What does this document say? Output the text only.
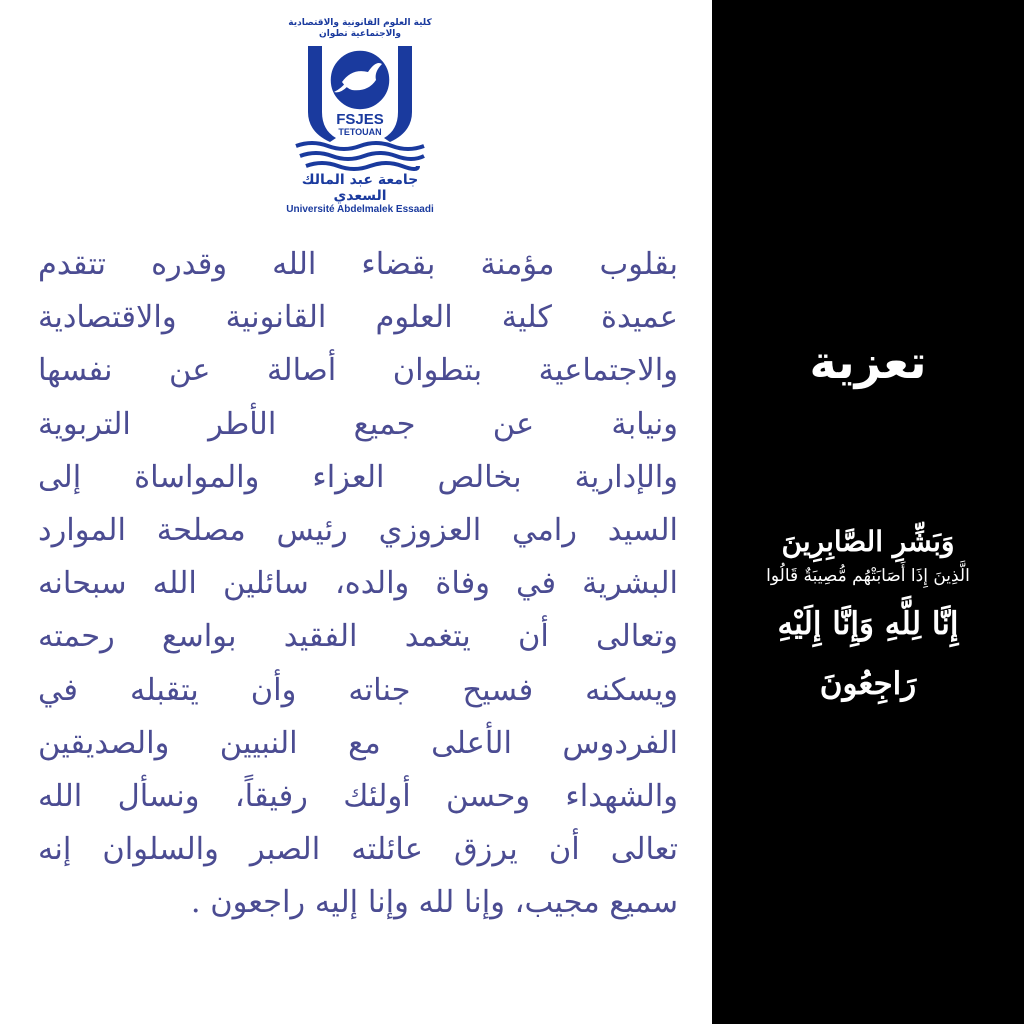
كلية العلوم القانونية والاقتصادية والاجتماعية تطوان
FSJES
TETOUAN
جامعة عبد المالك السعدي
Université Abdelmalek Essaadi
بقلوب مؤمنة بقضاء الله وقدره تتقدم
عميدة كلية العلوم القانونية والاقتصادية
والاجتماعية بتطوان أصالة عن نفسها
ونيابة عن جميع الأطر التربوية
والإدارية بخالص العزاء والمواساة إلى
السيد رامي العزوزي رئيس مصلحة الموارد
البشرية في وفاة والده، سائلين الله سبحانه
وتعالى أن يتغمد الفقيد بواسع رحمته
ويسكنه فسيح جناته وأن يتقبله في
الفردوس الأعلى مع النبيين والصديقين
والشهداء وحسن أولئك رفيقاً، ونسأل الله
تعالى أن يرزق عائلته الصبر والسلوان إنه
سميع مجيب، وإنا لله وإنا إليه راجعون .
تعزية
وَبَشِّرِ الصَّابِرِينَ
الَّذِينَ إِذَا أَصَابَتْهُم مُّصِيبَةٌ قَالُوا
إِنَّا لِلَّهِ وَإِنَّا إِلَيْهِ رَاجِعُونَ
